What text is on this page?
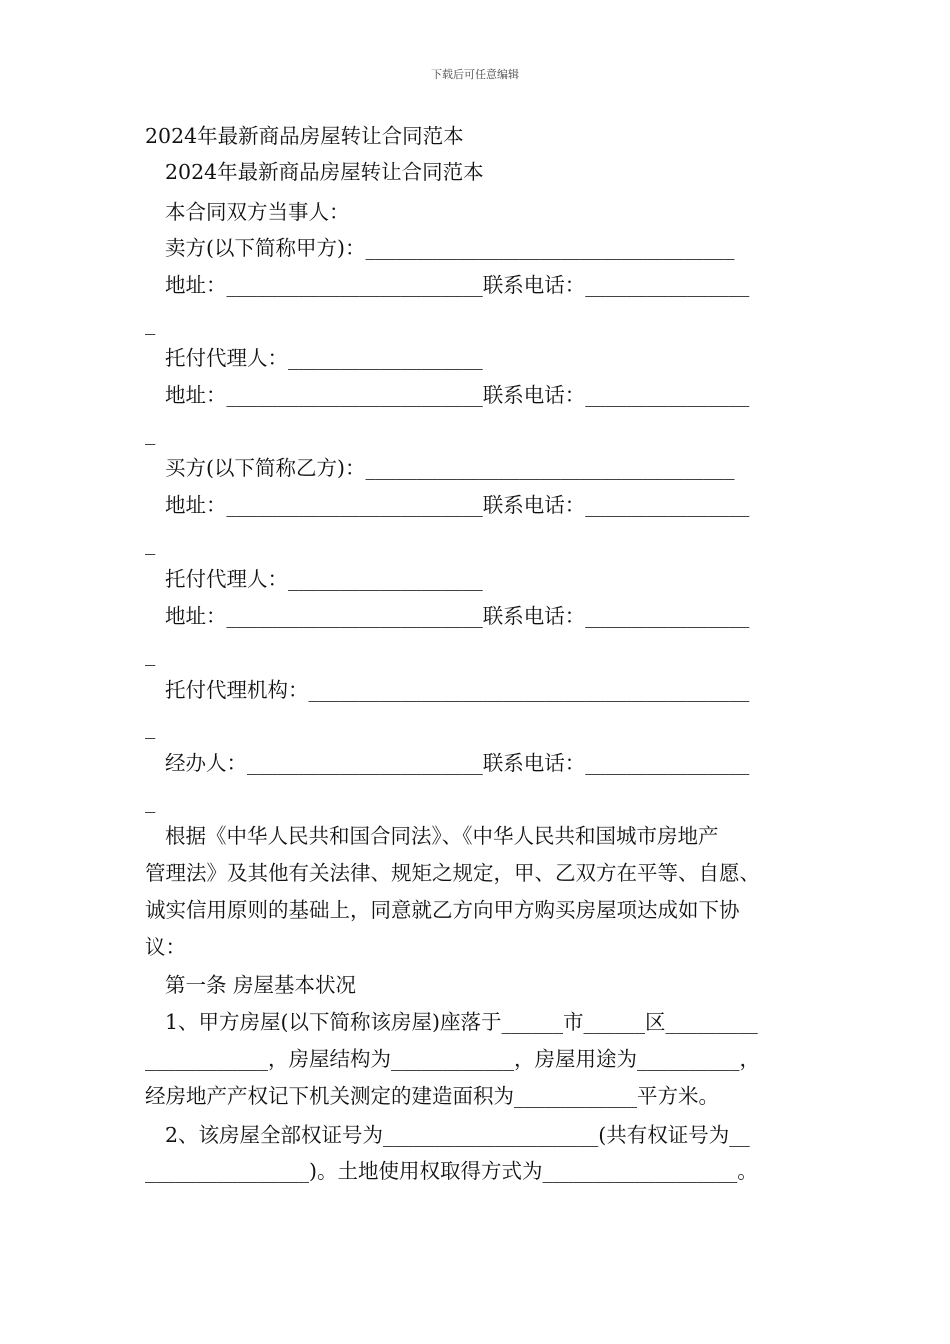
下载后可任意编辑
2024年最新商品房屋转让合同范本
2024年最新商品房屋转让合同范本
本合同双方当事人：
卖方(以下简称甲方)：____________________________________
地址：_________________________联系电话：________________
_
托付代理人：___________________
地址：_________________________联系电话：________________
_
买方(以下简称乙方)：____________________________________
地址：_________________________联系电话：________________
_
托付代理人：___________________
地址：_________________________联系电话：________________
_
托付代理机构：___________________________________________
_
经办人：_______________________联系电话：________________
_
根据《中华人民共和国合同法》、《中华人民共和国城市房地产
管理法》及其他有关法律、规矩之规定，甲、乙双方在平等、自愿、
诚实信用原则的基础上，同意就乙方向甲方购买房屋项达成如下协
议：
第一条 房屋基本状况
1、甲方房屋(以下简称该房屋)座落于______市______区_________
____________，房屋结构为____________，房屋用途为__________，
经房地产产权记下机关测定的建造面积为____________平方米。
2、该房屋全部权证号为_____________________(共有权证号为__
________________)。土地使用权取得方式为___________________。
